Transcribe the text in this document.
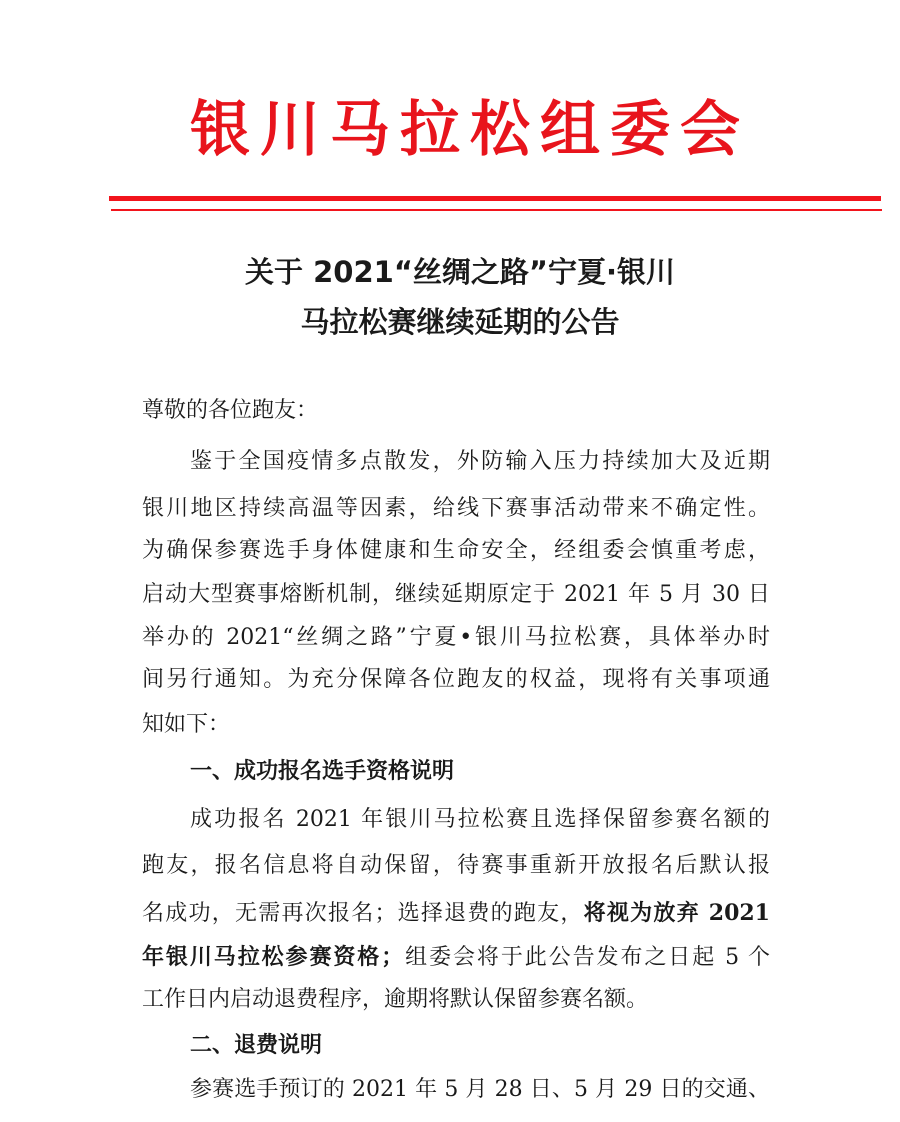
银川马拉松组委会
关于 2021“丝绸之路”宁夏·银川
马拉松赛继续延期的公告
尊敬的各位跑友：
鉴于全国疫情多点散发，外防输入压力持续加大及近期
银川地区持续高温等因素，给线下赛事活动带来不确定性。
为确保参赛选手身体健康和生命安全，经组委会慎重考虑，
启动大型赛事熔断机制，继续延期原定于 2021 年 5 月 30 日
举办的 2021“丝绸之路”宁夏•银川马拉松赛，具体举办时
间另行通知。为充分保障各位跑友的权益，现将有关事项通
知如下：
一、成功报名选手资格说明
成功报名 2021 年银川马拉松赛且选择保留参赛名额的
跑友，报名信息将自动保留，待赛事重新开放报名后默认报
名成功，无需再次报名；选择退费的跑友，将视为放弃 2021
年银川马拉松参赛资格；组委会将于此公告发布之日起 5 个
工作日内启动退费程序，逾期将默认保留参赛名额。
二、退费说明
参赛选手预订的 2021 年 5 月 28 日、5 月 29 日的交通、
